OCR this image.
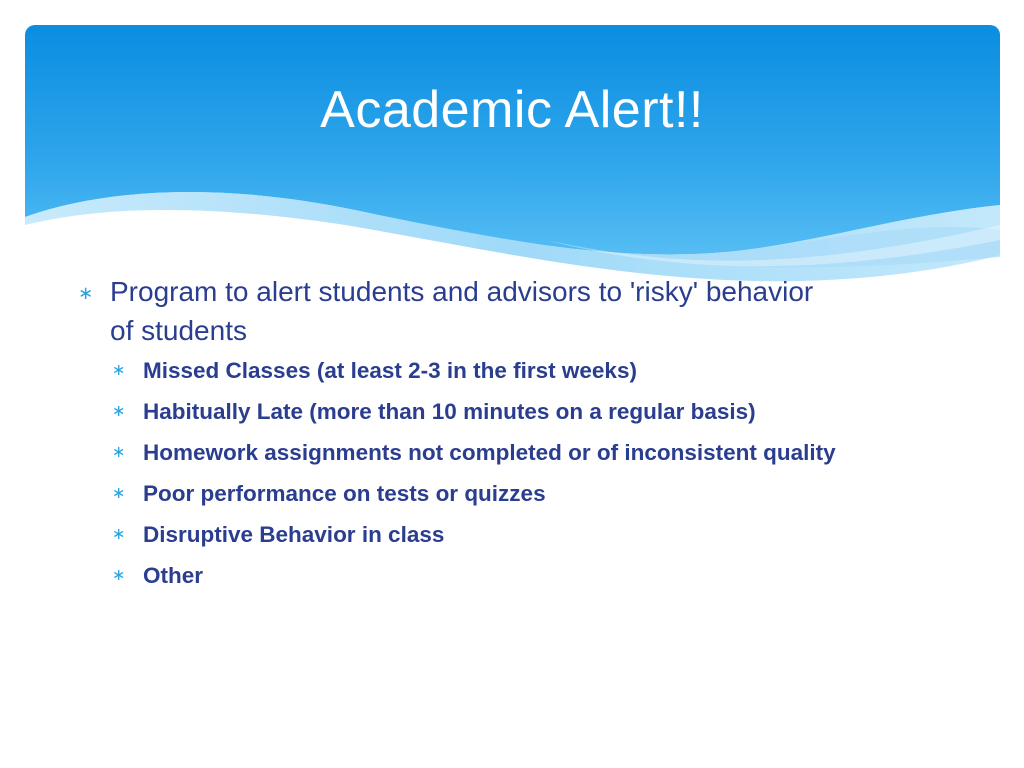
Academic Alert!!
∗ Program to alert students and advisors to 'risky' behavior of students
∗ Missed Classes (at least 2-3 in the first weeks)
∗ Habitually Late (more than 10 minutes on a regular basis)
∗ Homework assignments not completed or of inconsistent quality
∗ Poor performance on tests or quizzes
∗ Disruptive Behavior in class
∗ Other
